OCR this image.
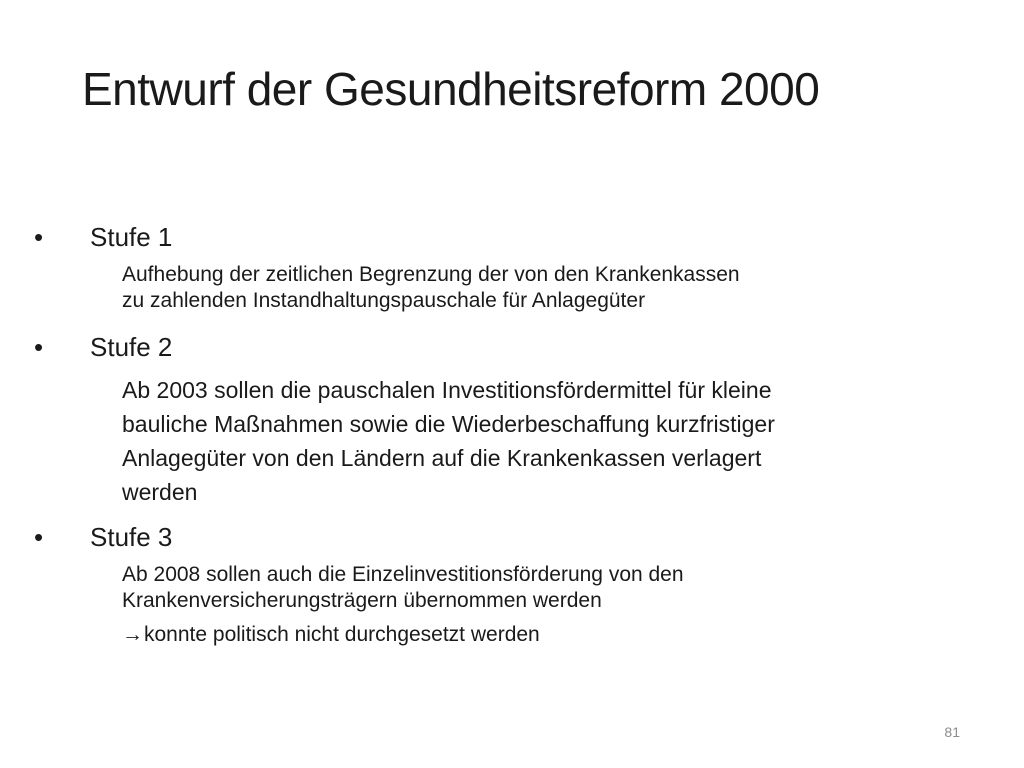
Entwurf der Gesundheitsreform 2000
• Stufe 1
Aufhebung der zeitlichen Begrenzung der von den Krankenkassen
zu zahlenden Instandhaltungspauschale für Anlagegüter
• Stufe 2
Ab 2003 sollen die pauschalen Investitionsfördermittel für kleine
bauliche Maßnahmen sowie die Wiederbeschaffung kurzfristiger
Anlagegüter von den Ländern auf die Krankenkassen verlagert
werden
• Stufe 3
Ab 2008 sollen auch die Einzelinvestitionsförderung von den
Krankenversicherungsträgern übernommen werden
→konnte politisch nicht durchgesetzt werden
81
